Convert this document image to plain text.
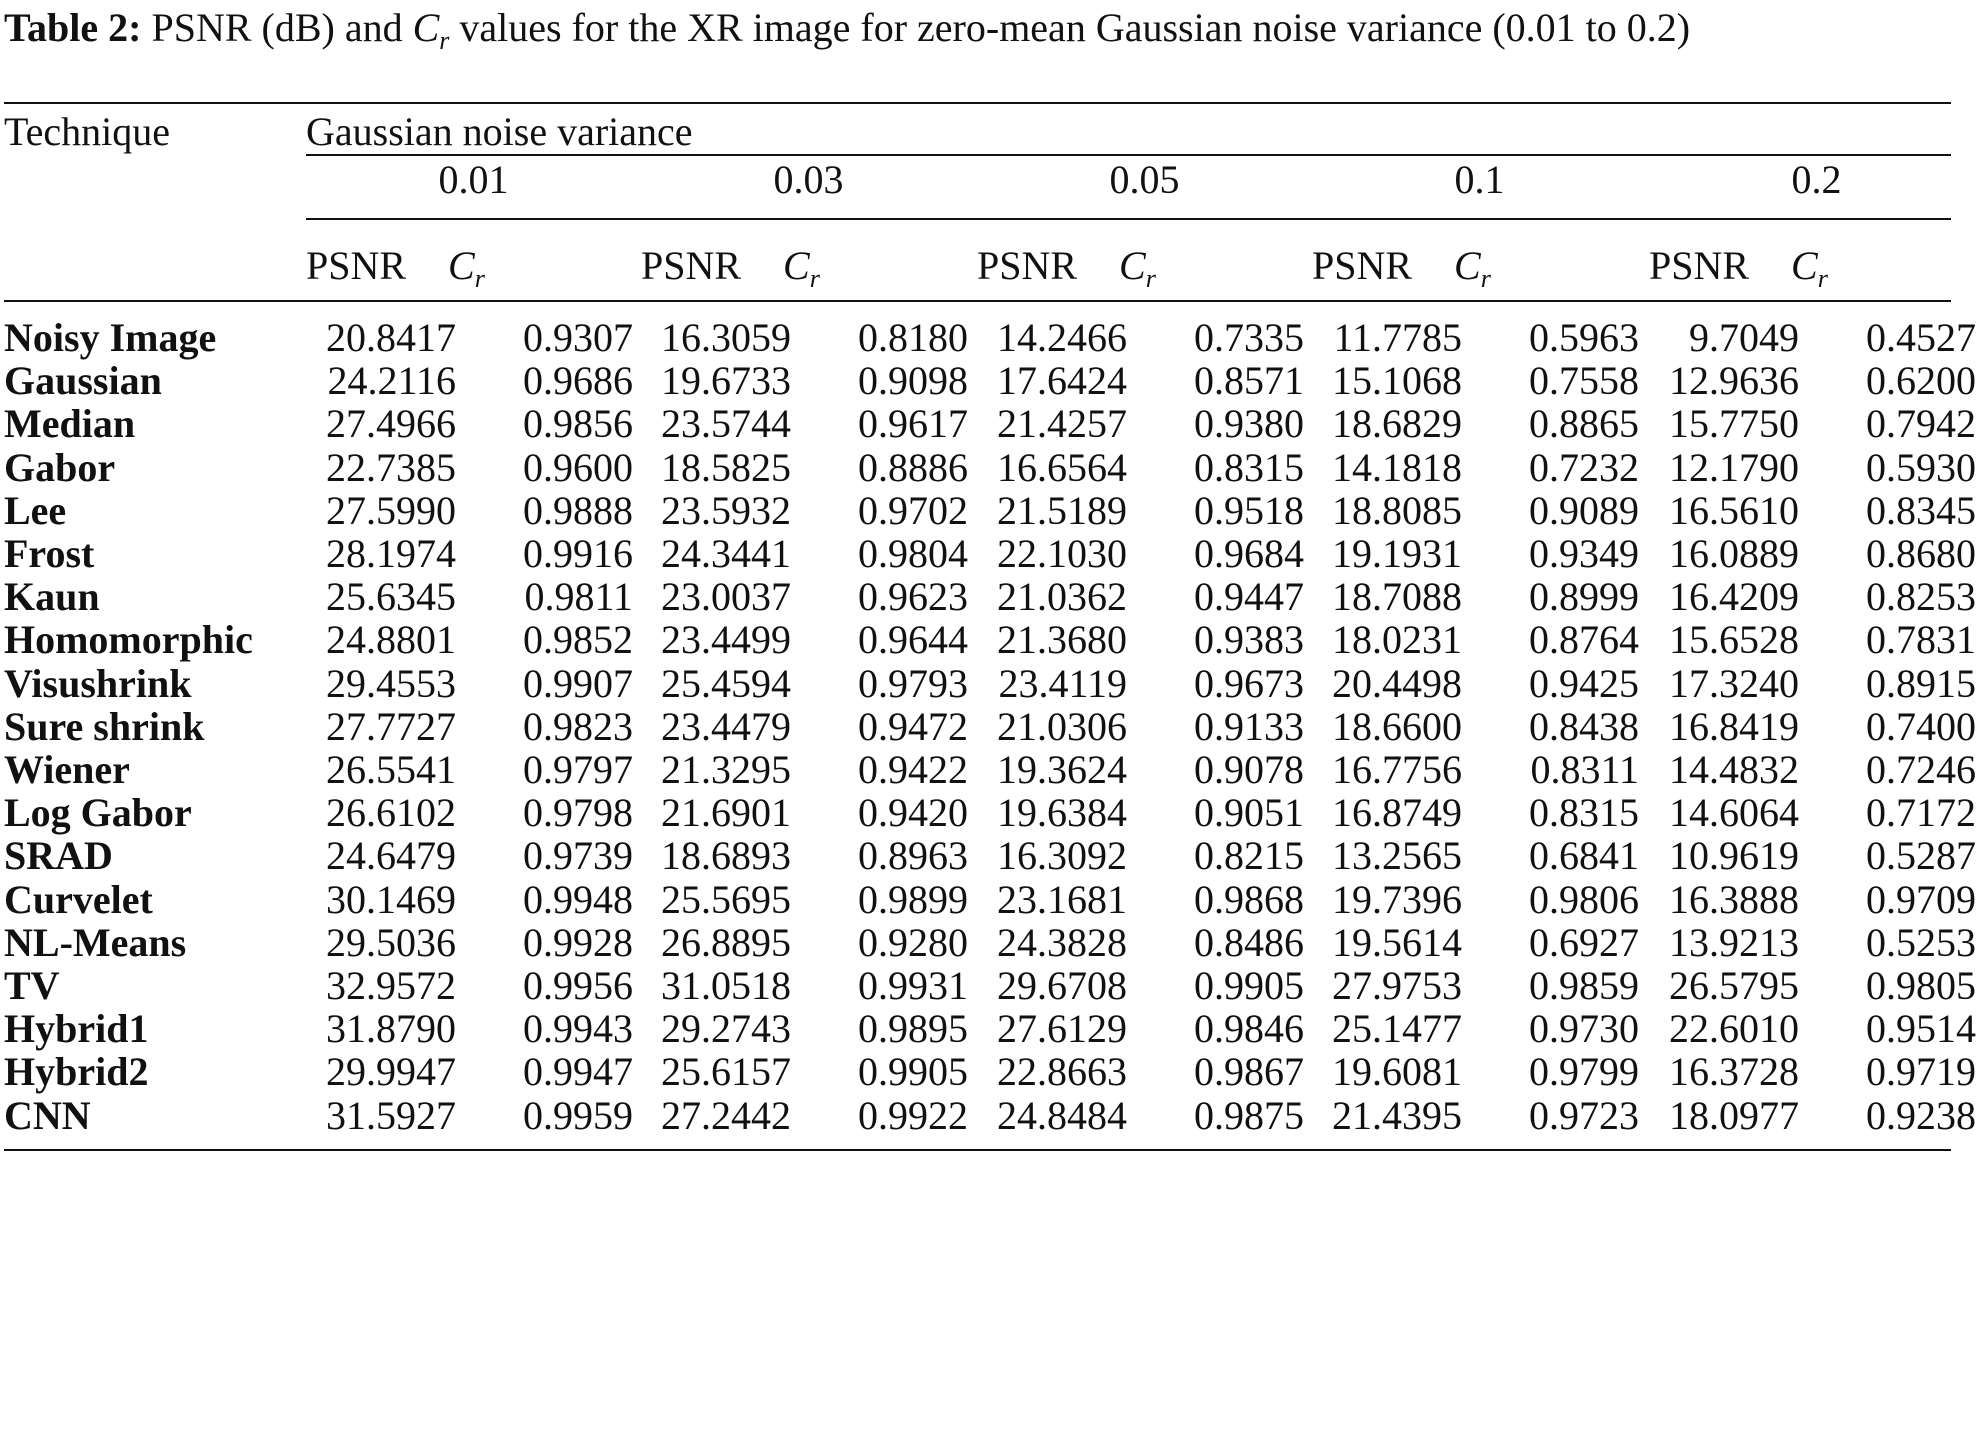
Table 2: PSNR (dB) and $C_r$ values for the XR image for zero-mean Gaussian noise variance (0.01 to 0.2)
Technique	Gaussian noise variance
0.01	0.03	0.05	0.1	0.2
PSNR $C_r$	PSNR $C_r$	PSNR $C_r$	PSNR $C_r$	PSNR $C_r$
Noisy Image	20.8417	0.9307 16.3059	0.8180 14.2466	0.7335 11.7785	0.5963	9.7049	0.4527
Gaussian	24.2116	0.9686 19.6733	0.9098 17.6424	0.8571 15.1068	0.7558 12.9636	0.6200
Median	27.4966	0.9856 23.5744	0.9617 21.4257	0.9380 18.6829	0.8865 15.7750	0.7942
Gabor	22.7385	0.9600 18.5825	0.8886 16.6564	0.8315 14.1818	0.7232 12.1790	0.5930
Lee	27.5990	0.9888 23.5932	0.9702 21.5189	0.9518 18.8085	0.9089 16.5610	0.8345
Frost	28.1974	0.9916 24.3441	0.9804 22.1030	0.9684 19.1931	0.9349 16.0889	0.8680
Kaun	25.6345	0.9811 23.0037	0.9623 21.0362	0.9447 18.7088	0.8999 16.4209	0.8253
Homomorphic	24.8801	0.9852 23.4499	0.9644 21.3680	0.9383 18.0231	0.8764 15.6528	0.7831
Visushrink	29.4553	0.9907 25.4594	0.9793 23.4119	0.9673 20.4498	0.9425 17.3240	0.8915
Sure shrink	27.7727	0.9823 23.4479	0.9472 21.0306	0.9133 18.6600	0.8438 16.8419	0.7400
Wiener	26.5541	0.9797 21.3295	0.9422 19.3624	0.9078 16.7756	0.8311 14.4832	0.7246
Log Gabor	26.6102	0.9798 21.6901	0.9420 19.6384	0.9051 16.8749	0.8315 14.6064	0.7172
SRAD	24.6479	0.9739 18.6893	0.8963 16.3092	0.8215 13.2565	0.6841 10.9619	0.5287
Curvelet	30.1469	0.9948 25.5695	0.9899 23.1681	0.9868 19.7396	0.9806 16.3888	0.9709
NL-Means	29.5036	0.9928 26.8895	0.9280 24.3828	0.8486 19.5614	0.6927 13.9213	0.5253
TV	32.9572	0.9956 31.0518	0.9931 29.6708	0.9905 27.9753	0.9859 26.5795	0.9805
Hybrid1	31.8790	0.9943 29.2743	0.9895 27.6129	0.9846 25.1477	0.9730 22.6010	0.9514
Hybrid2	29.9947	0.9947 25.6157	0.9905 22.8663	0.9867 19.6081	0.9799 16.3728	0.9719
CNN	31.5927	0.9959 27.2442	0.9922 24.8484	0.9875 21.4395	0.9723 18.0977	0.9238
